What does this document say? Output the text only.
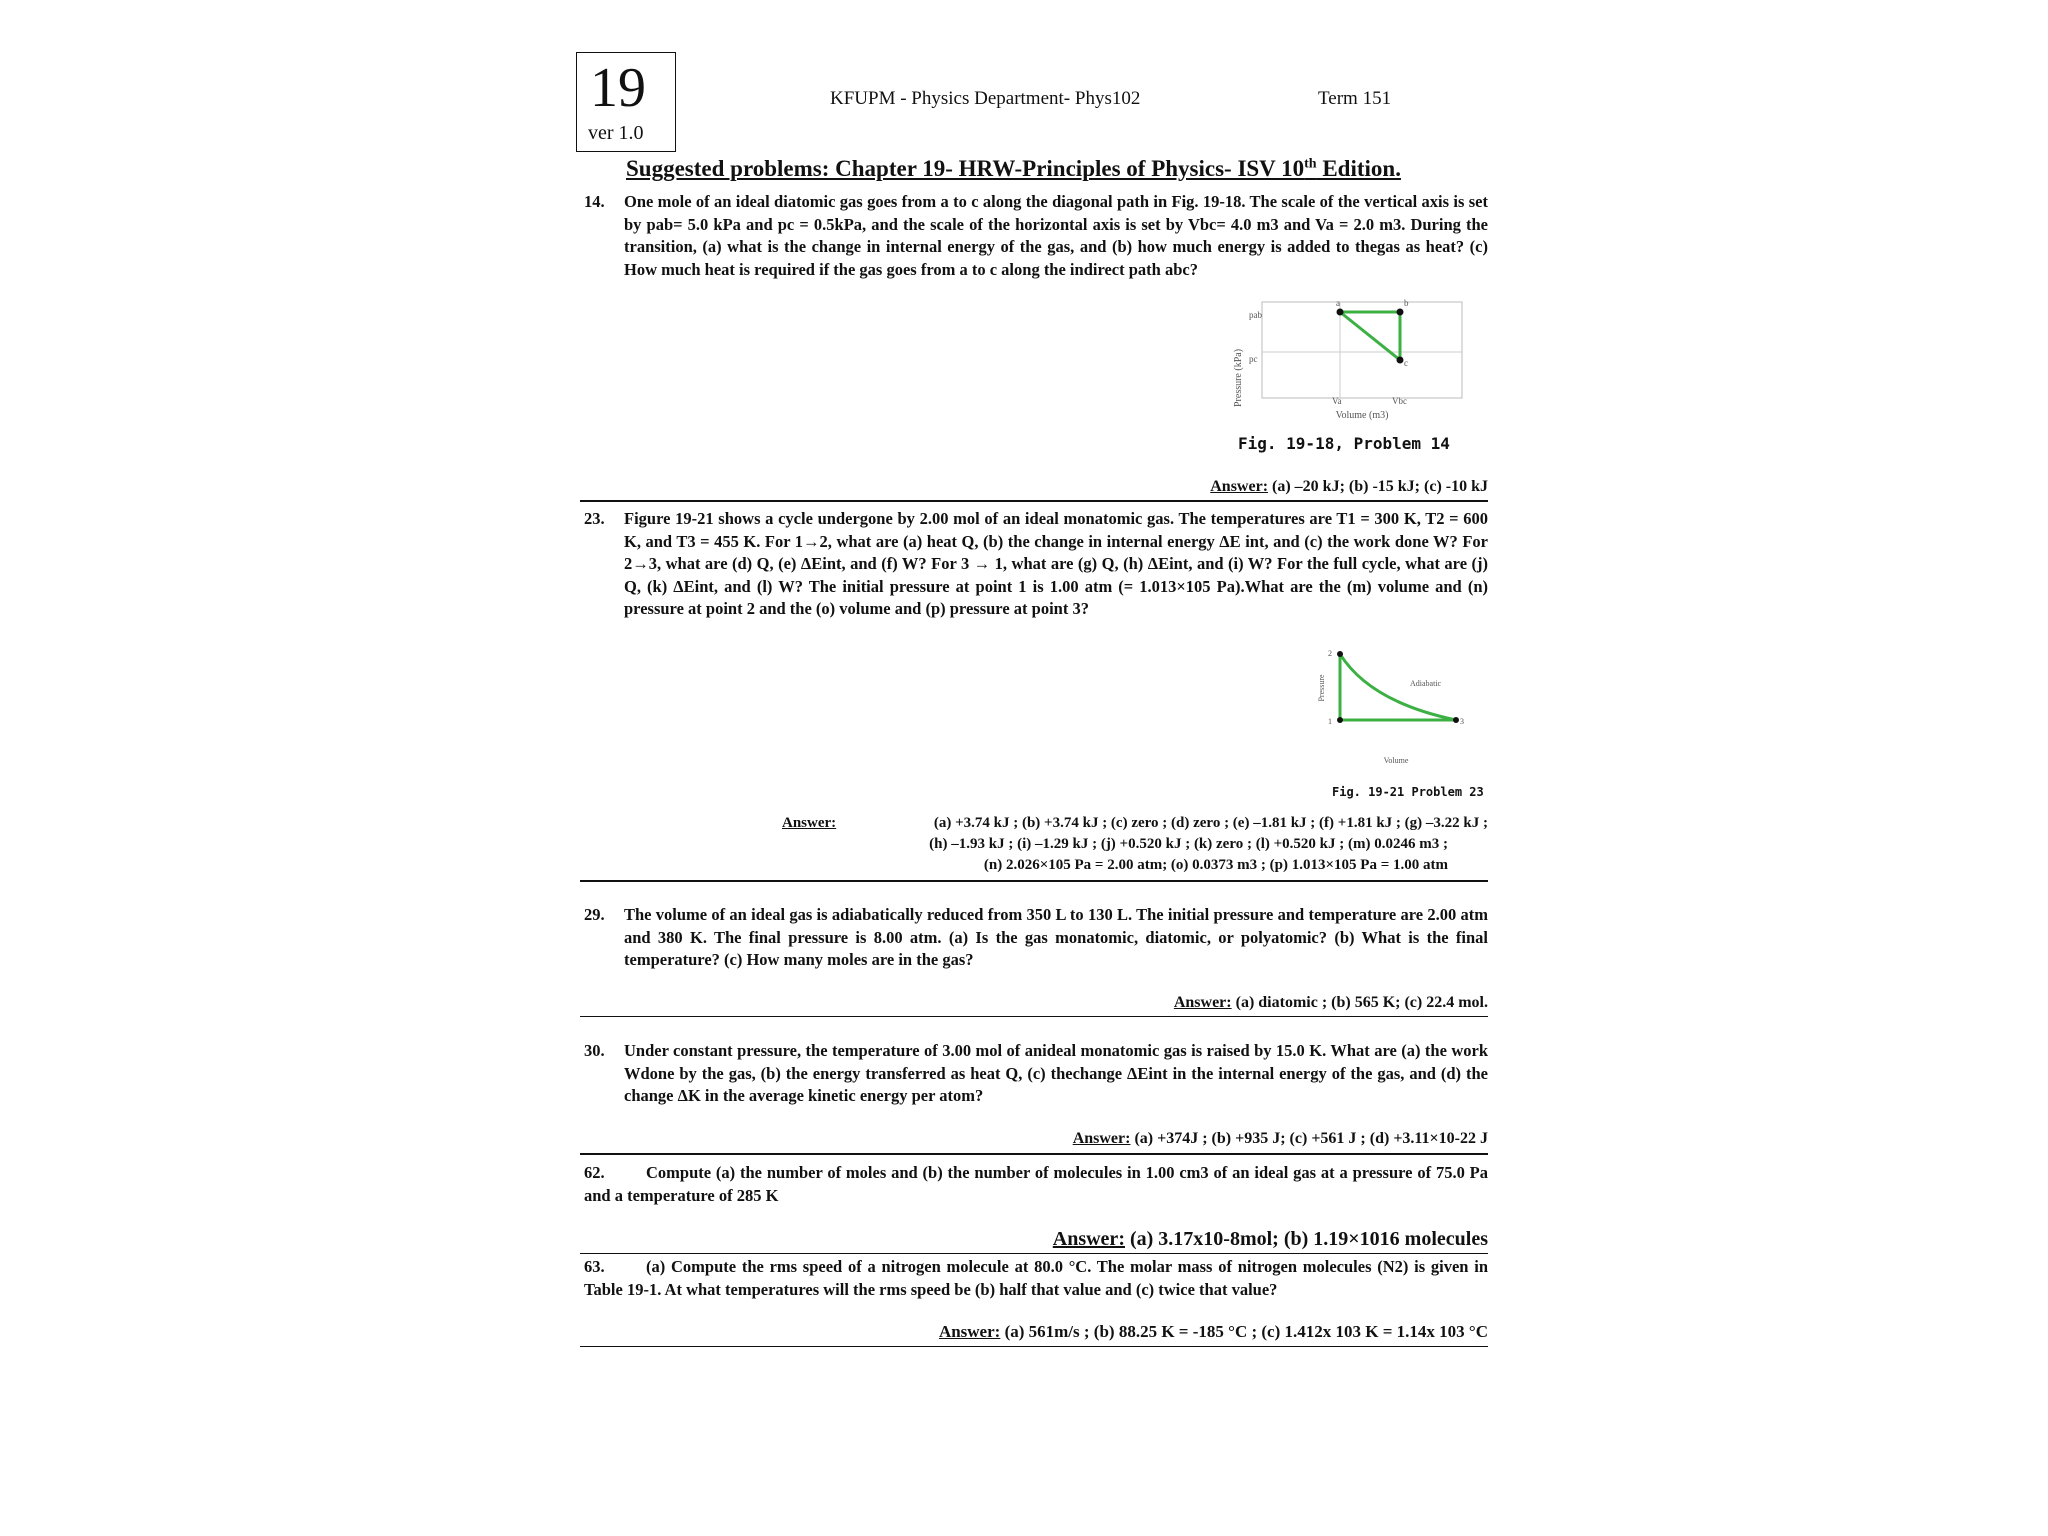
19
ver 1.0
KFUPM - Physics Department- Phys102	Term 151
Suggested problems: Chapter 19- HRW-Principles of Physics- ISV 10th Edition.
14. One mole of an ideal diatomic gas goes from a to c along the diagonal path in Fig. 19-18. The scale of the vertical axis is set by pab= 5.0 kPa and pc = 0.5kPa, and the scale of the horizontal axis is set by Vbc= 4.0 m3 and Va = 2.0 m3. During the transition, (a) what is the change in internal energy of the gas, and (b) how much energy is added to thegas as heat? (c) How much heat is required if the gas goes from a to c along the indirect path abc?
Pressure (kPa)
pab
pc
a	b
c
Va	Vbc
Volume (m3)
Fig. 19-18, Problem 14
Answer: (a) –20 kJ; (b) -15 kJ; (c) -10 kJ
23. Figure 19-21 shows a cycle undergone by 2.00 mol of an ideal monatomic gas. The temperatures are T1 = 300 K, T2 = 600 K, and T3 = 455 K. For 1→2, what are (a) heat Q, (b) the change in internal energy ΔE int, and (c) the work done W? For 2→3, what are (d) Q, (e) ΔEint, and (f) W? For 3 → 1, what are (g) Q, (h) ΔEint, and (i) W? For the full cycle, what are (j) Q, (k) ΔEint, and (l) W? The initial pressure at point 1 is 1.00 atm (= 1.013×105 Pa).What are the (m) volume and (n) pressure at point 2 and the (o) volume and (p) pressure at point 3?
Pressure
2
1	3
Adiabatic
Volume
Fig. 19-21 Problem 23
Answer:	(a) +3.74 kJ ; (b) +3.74 kJ ; (c) zero ; (d) zero ; (e) –1.81 kJ ; (f) +1.81 kJ ; (g) –3.22 kJ ;
(h) –1.93 kJ ; (i) –1.29 kJ ; (j) +0.520 kJ ; (k) zero ; (l) +0.520 kJ ; (m) 0.0246 m3 ;
(n) 2.026×105 Pa = 2.00 atm; (o) 0.0373 m3 ; (p) 1.013×105 Pa = 1.00 atm
29. The volume of an ideal gas is adiabatically reduced from 350 L to 130 L. The initial pressure and temperature are 2.00 atm and 380 K. The final pressure is 8.00 atm. (a) Is the gas monatomic, diatomic, or polyatomic? (b) What is the final temperature? (c) How many moles are in the gas?
Answer: (a) diatomic ; (b) 565 K; (c) 22.4 mol.
30. Under constant pressure, the temperature of 3.00 mol of anideal monatomic gas is raised by 15.0 K. What are (a) the work Wdone by the gas, (b) the energy transferred as heat Q, (c) thechange ΔEint in the internal energy of the gas, and (d) the change ΔK in the average kinetic energy per atom?
Answer: (a) +374J ; (b) +935 J; (c) +561 J ; (d) +3.11×10-22 J
62.	Compute (a) the number of moles and (b) the number of molecules in 1.00 cm3 of an ideal gas at a pressure of 75.0 Pa and a temperature of 285 K
Answer: (a) 3.17x10-8mol; (b) 1.19×1016 molecules
63.	(a) Compute the rms speed of a nitrogen molecule at 80.0 °C. The molar mass of nitrogen molecules (N2) is given in Table 19-1. At what temperatures will the rms speed be (b) half that value and (c) twice that value?
Answer: (a) 561m/s ; (b) 88.25 K = -185 °C ; (c) 1.412x 103 K = 1.14x 103 °C
